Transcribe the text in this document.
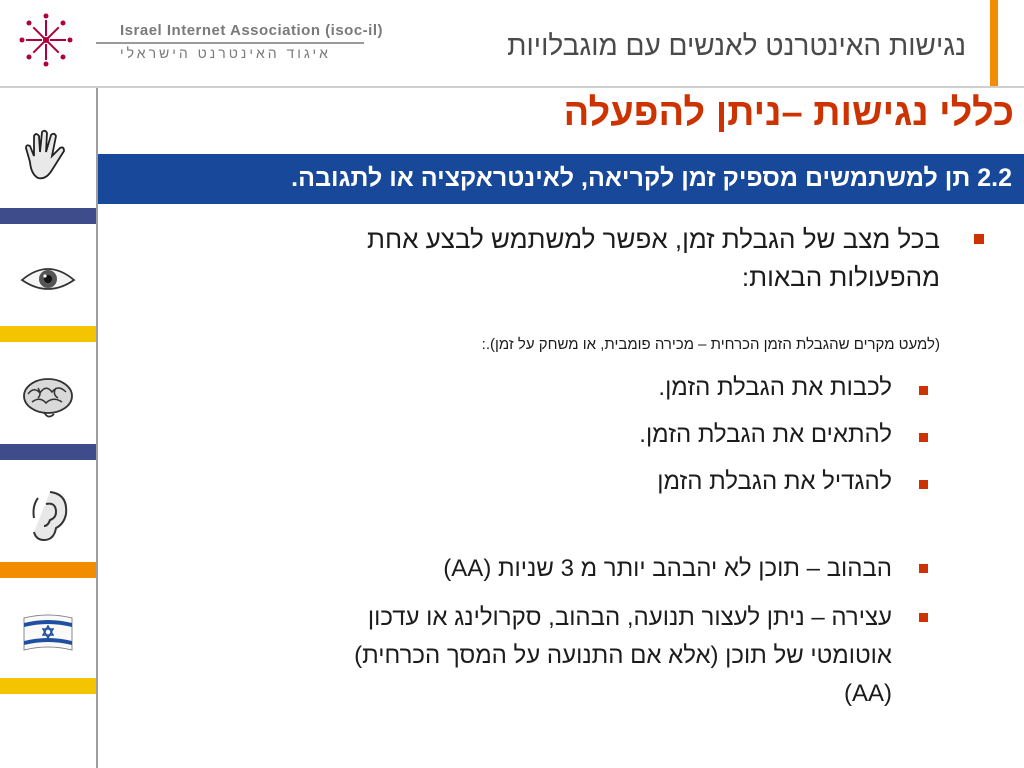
Israel Internet Association (isoc-il)
איגוד האינטרנט הישראלי	נגישות האינטרנט לאנשים עם מוגבלויות
כללי נגישות –ניתן להפעלה
2.2 תן למשתמשים מספיק זמן לקריאה, לאינטראקציה או לתגובה.
בכל מצב של הגבלת זמן, אפשר למשתמש לבצע אחת
מהפעולות הבאות:
(למעט מקרים שהגבלת הזמן הכרחית – מכירה פומבית, או משחק על זמן).:
לכבות את הגבלת הזמן.
להתאים את הגבלת הזמן.
להגדיל את הגבלת הזמן
הבהוב – תוכן לא יהבהב יותר מ 3 שניות (AA)
עצירה – ניתן לעצור תנועה, הבהוב, סקרולינג או עדכון
אוטומטי של תוכן (אלא אם התנועה על המסך הכרחית)
(AA)
